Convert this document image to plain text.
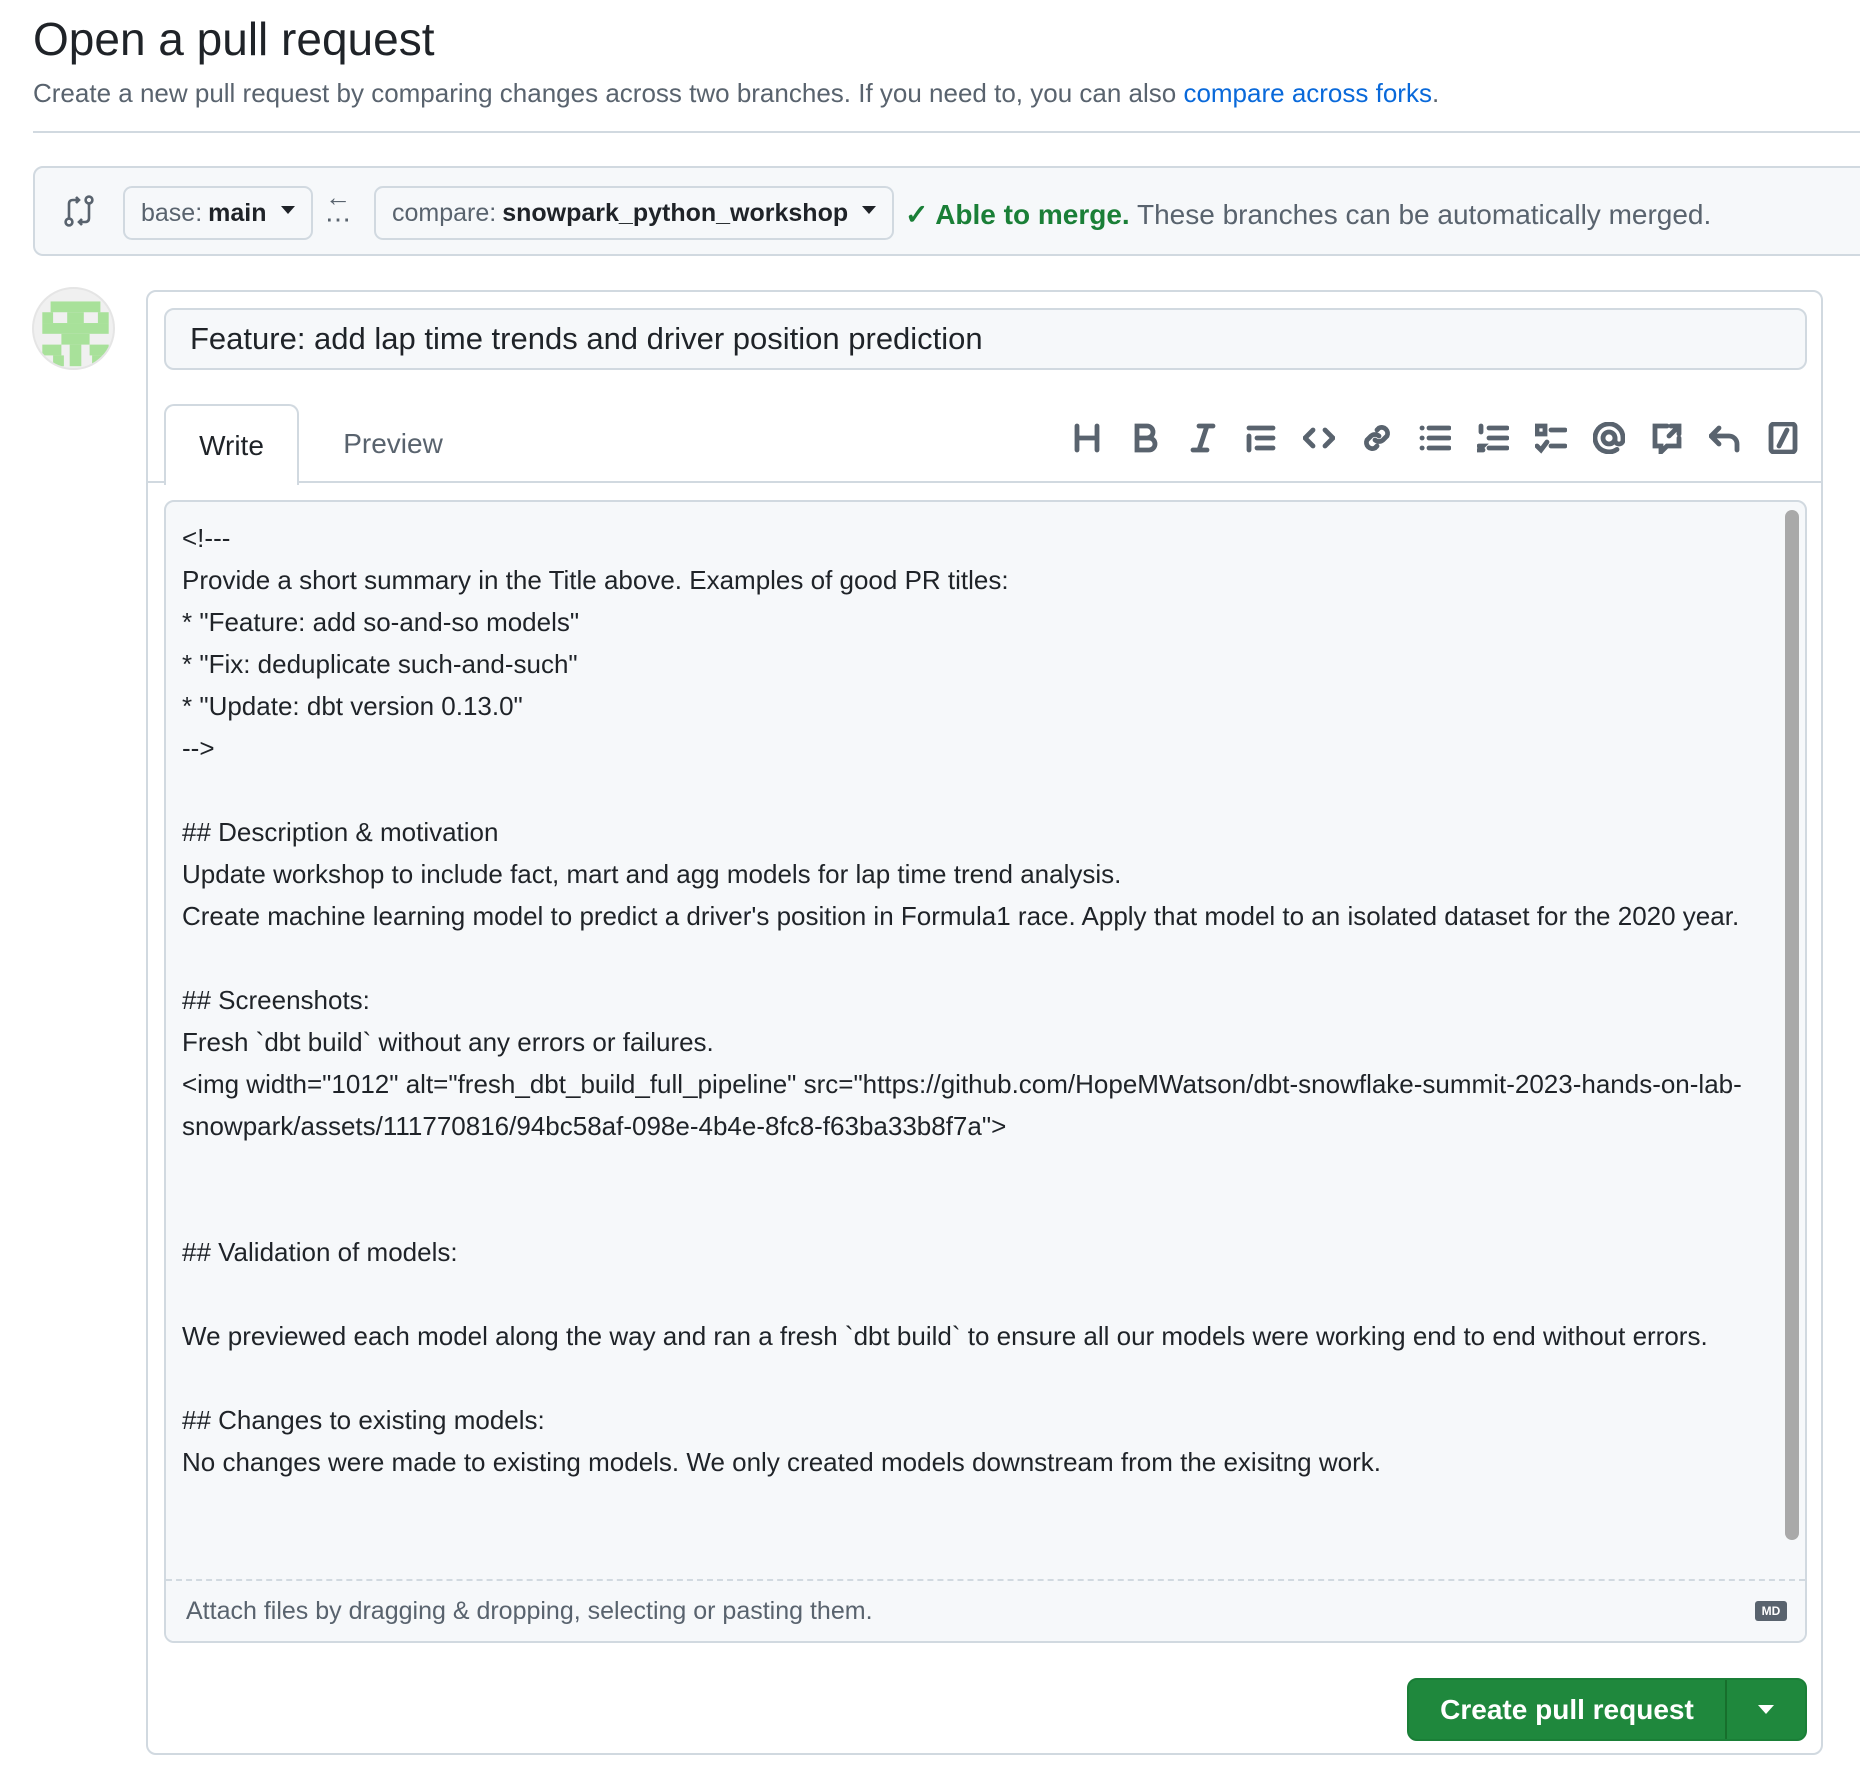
Open a pull request

Create a new pull request by comparing changes across two branches. If you need to, you can also compare across forks.

base: main
←
⋯ compare: snowpark_python_workshop ✓ Able to merge. These branches can be automatically merged.
Feature: add lap time trends and driver position prediction
Write	Preview
<!---
Provide a short summary in the Title above. Examples of good PR titles:
* "Feature: add so-and-so models"
* "Fix: deduplicate such-and-such"
* "Update: dbt version 0.13.0"
-->
## Description & motivation
Update workshop to include fact, mart and agg models for lap time trend analysis.
Create machine learning model to predict a driver's position in Formula1 race. Apply that model to an isolated dataset for the 2020 year.
## Screenshots:
Fresh `dbt build` without any errors or failures.
<img width="1012" alt="fresh_dbt_build_full_pipeline" src="https://github.com/HopeMWatson/dbt-snowflake-summit-2023-hands-on-lab-snowpark/assets/111770816/94bc58af-098e-4b4e-8fc8-f63ba33b8f7a">
## Validation of models:
We previewed each model along the way and ran a fresh `dbt build` to ensure all our models were working end to end without errors.
## Changes to existing models:
No changes were made to existing models. We only created models downstream from the exisitng work.
Attach files by dragging & dropping, selecting or pasting them.	MD
Create pull request
